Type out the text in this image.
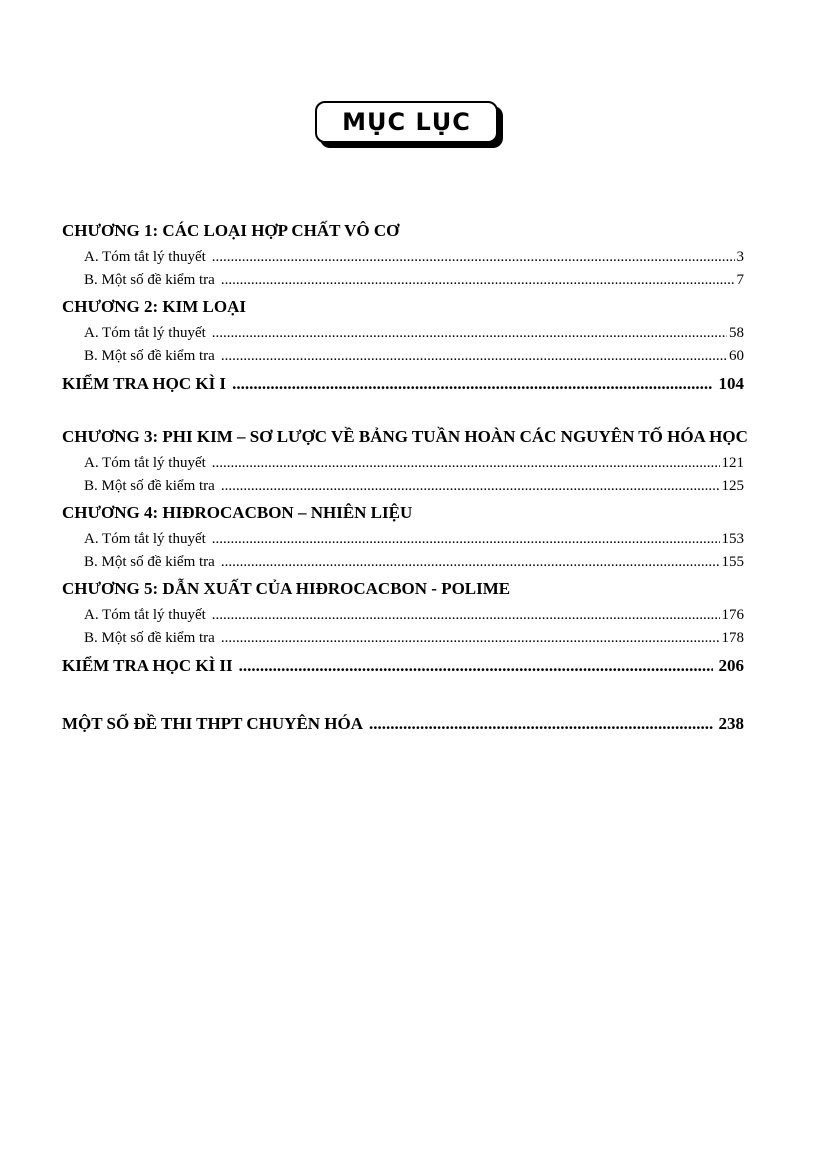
MỤC LỤC
CHƯƠNG 1: CÁC LOẠI HỢP CHẤT VÔ CƠ
A. Tóm tắt lý thuyết .....	3
B. Một số đề kiểm tra .....	7
CHƯƠNG 2: KIM LOẠI
A. Tóm tắt lý thuyết .....	58
B. Một số đề kiểm tra .....	60
KIỂM TRA HỌC KÌ I .....	104
CHƯƠNG 3: PHI KIM – SƠ LƯỢC VỀ BẢNG TUẦN HOÀN CÁC NGUYÊN TỐ HÓA HỌC
A. Tóm tắt lý thuyết .....	121
B. Một số đề kiểm tra .....	125
CHƯƠNG 4: HIĐROCACBON – NHIÊN LIỆU
A. Tóm tắt lý thuyết .....	153
B. Một số đề kiểm tra .....	155
CHƯƠNG 5: DẪN XUẤT CỦA HIĐROCACBON - POLIME
A. Tóm tắt lý thuyết .....	176
B. Một số đề kiểm tra .....	178
KIỂM TRA HỌC KÌ II .....	206
MỘT SỐ ĐỀ THI THPT CHUYÊN HÓA .....	238
